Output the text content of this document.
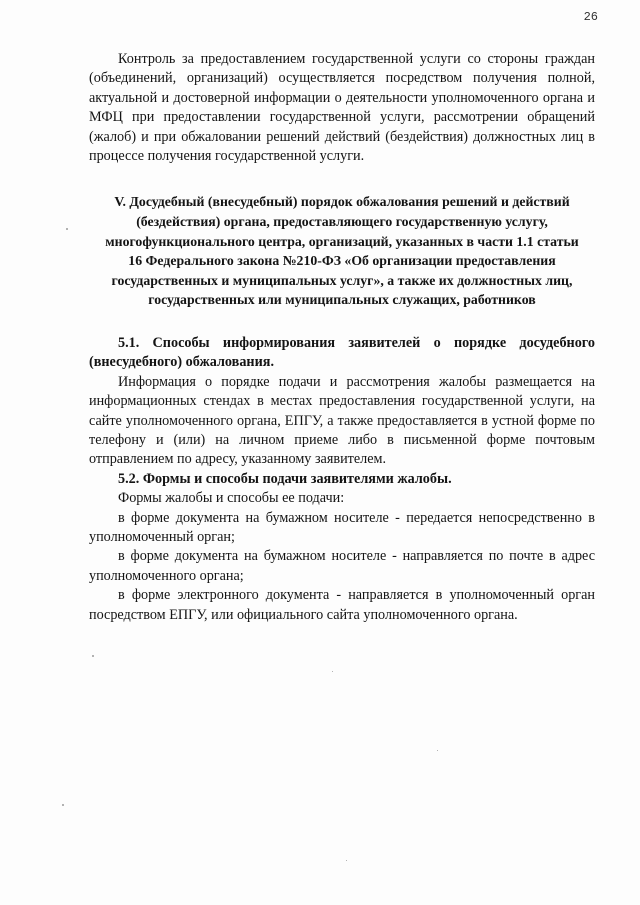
26

Контроль за предоставлением государственной услуги со стороны граждан (объединений, организаций) осуществляется посредством получения полной, актуальной и достоверной информации о деятельности уполномоченного органа и МФЦ при предоставлении государственной услуги, рассмотрении обращений (жалоб) и при обжаловании решений действий (бездействия) должностных лиц в процессе получения государственной услуги.

V. Досудебный (внесудебный) порядок обжалования решений и действий (бездействия) органа, предоставляющего государственную услугу, многофункционального центра, организаций, указанных в части 1.1 статьи 16 Федерального закона №210-ФЗ «Об организации предоставления государственных и муниципальных услуг», а также их должностных лиц, государственных или муниципальных служащих, работников

5.1. Способы информирования заявителей о порядке досудебного (внесудебного) обжалования.

Информация о порядке подачи и рассмотрения жалобы размещается на информационных стендах в местах предоставления государственной услуги, на сайте уполномоченного органа, ЕПГУ, а также предоставляется в устной форме по телефону и (или) на личном приеме либо в письменной форме почтовым отправлением по адресу, указанному заявителем.

5.2. Формы и способы подачи заявителями жалобы.

Формы жалобы и способы ее подачи:

в форме документа на бумажном носителе - передается непосредственно в уполномоченный орган;

в форме документа на бумажном носителе - направляется по почте в адрес уполномоченного органа;

в форме электронного документа - направляется в уполномоченный орган посредством ЕПГУ, или официального сайта уполномоченного органа.
